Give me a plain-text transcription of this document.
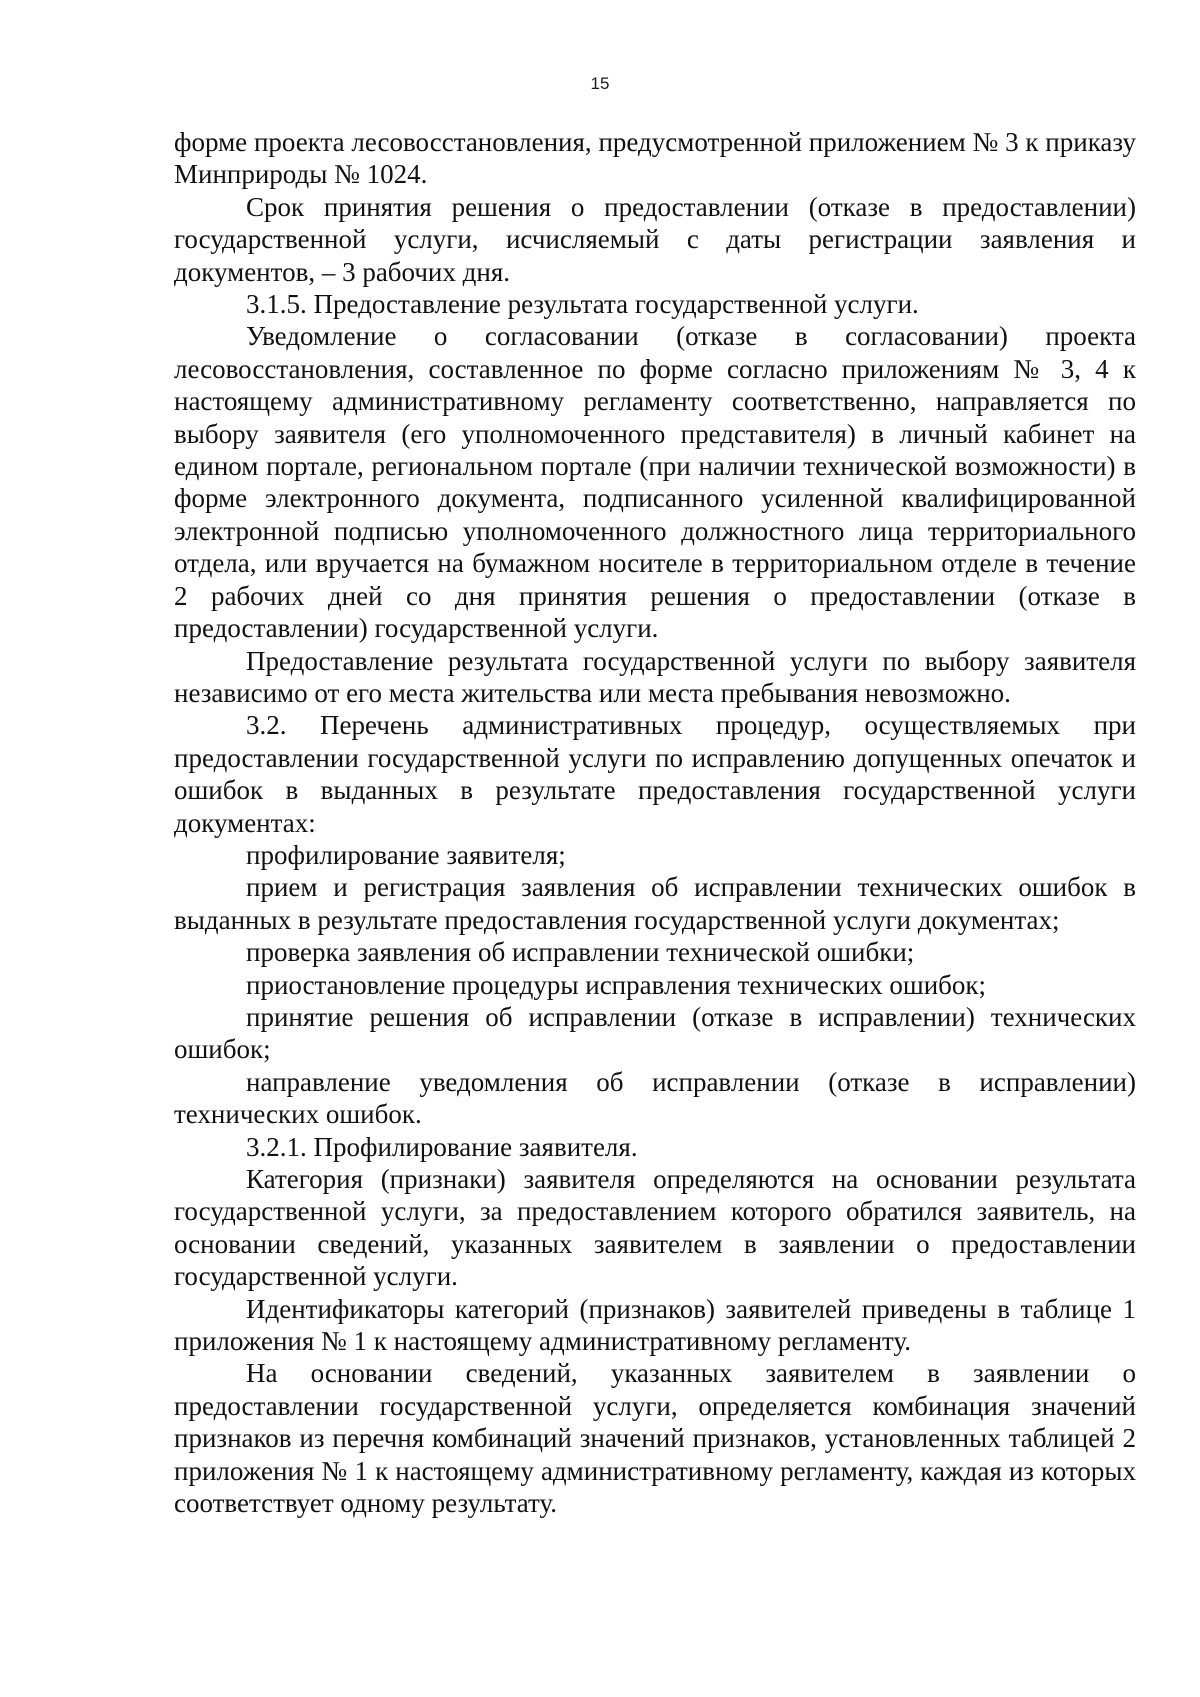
15

форме проекта лесовосстановления, предусмотренной приложением № 3 к приказу Минприроды № 1024.

Срок принятия решения о предоставлении (отказе в предоставлении) государственной услуги, исчисляемый с даты регистрации заявления и документов, – 3 рабочих дня.

3.1.5. Предоставление результата государственной услуги.

Уведомление о согласовании (отказе в согласовании) проекта лесовосстановления, составленное по форме согласно приложениям № 3, 4 к настоящему административному регламенту соответственно, направляется по выбору заявителя (его уполномоченного представителя) в личный кабинет на едином портале, региональном портале (при наличии технической возможности) в форме электронного документа, подписанного усиленной квалифицированной электронной подписью уполномоченного должностного лица территориального отдела, или вручается на бумажном носителе в территориальном отделе в течение 2 рабочих дней со дня принятия решения о предоставлении (отказе в предоставлении) государственной услуги.

Предоставление результата государственной услуги по выбору заявителя независимо от его места жительства или места пребывания невозможно.

3.2. Перечень административных процедур, осуществляемых при предоставлении государственной услуги по исправлению допущенных опечаток и ошибок в выданных в результате предоставления государственной услуги документах:

профилирование заявителя;

прием и регистрация заявления об исправлении технических ошибок в выданных в результате предоставления государственной услуги документах;

проверка заявления об исправлении технической ошибки;

приостановление процедуры исправления технических ошибок;

принятие решения об исправлении (отказе в исправлении) технических ошибок;

направление уведомления об исправлении (отказе в исправлении) технических ошибок.

3.2.1. Профилирование заявителя.

Категория (признаки) заявителя определяются на основании результата государственной услуги, за предоставлением которого обратился заявитель, на основании сведений, указанных заявителем в заявлении о предоставлении государственной услуги.

Идентификаторы категорий (признаков) заявителей приведены в таблице 1 приложения № 1 к настоящему административному регламенту.

На основании сведений, указанных заявителем в заявлении о предоставлении государственной услуги, определяется комбинация значений признаков из перечня комбинаций значений признаков, установленных таблицей 2 приложения № 1 к настоящему административному регламенту, каждая из которых соответствует одному результату.
